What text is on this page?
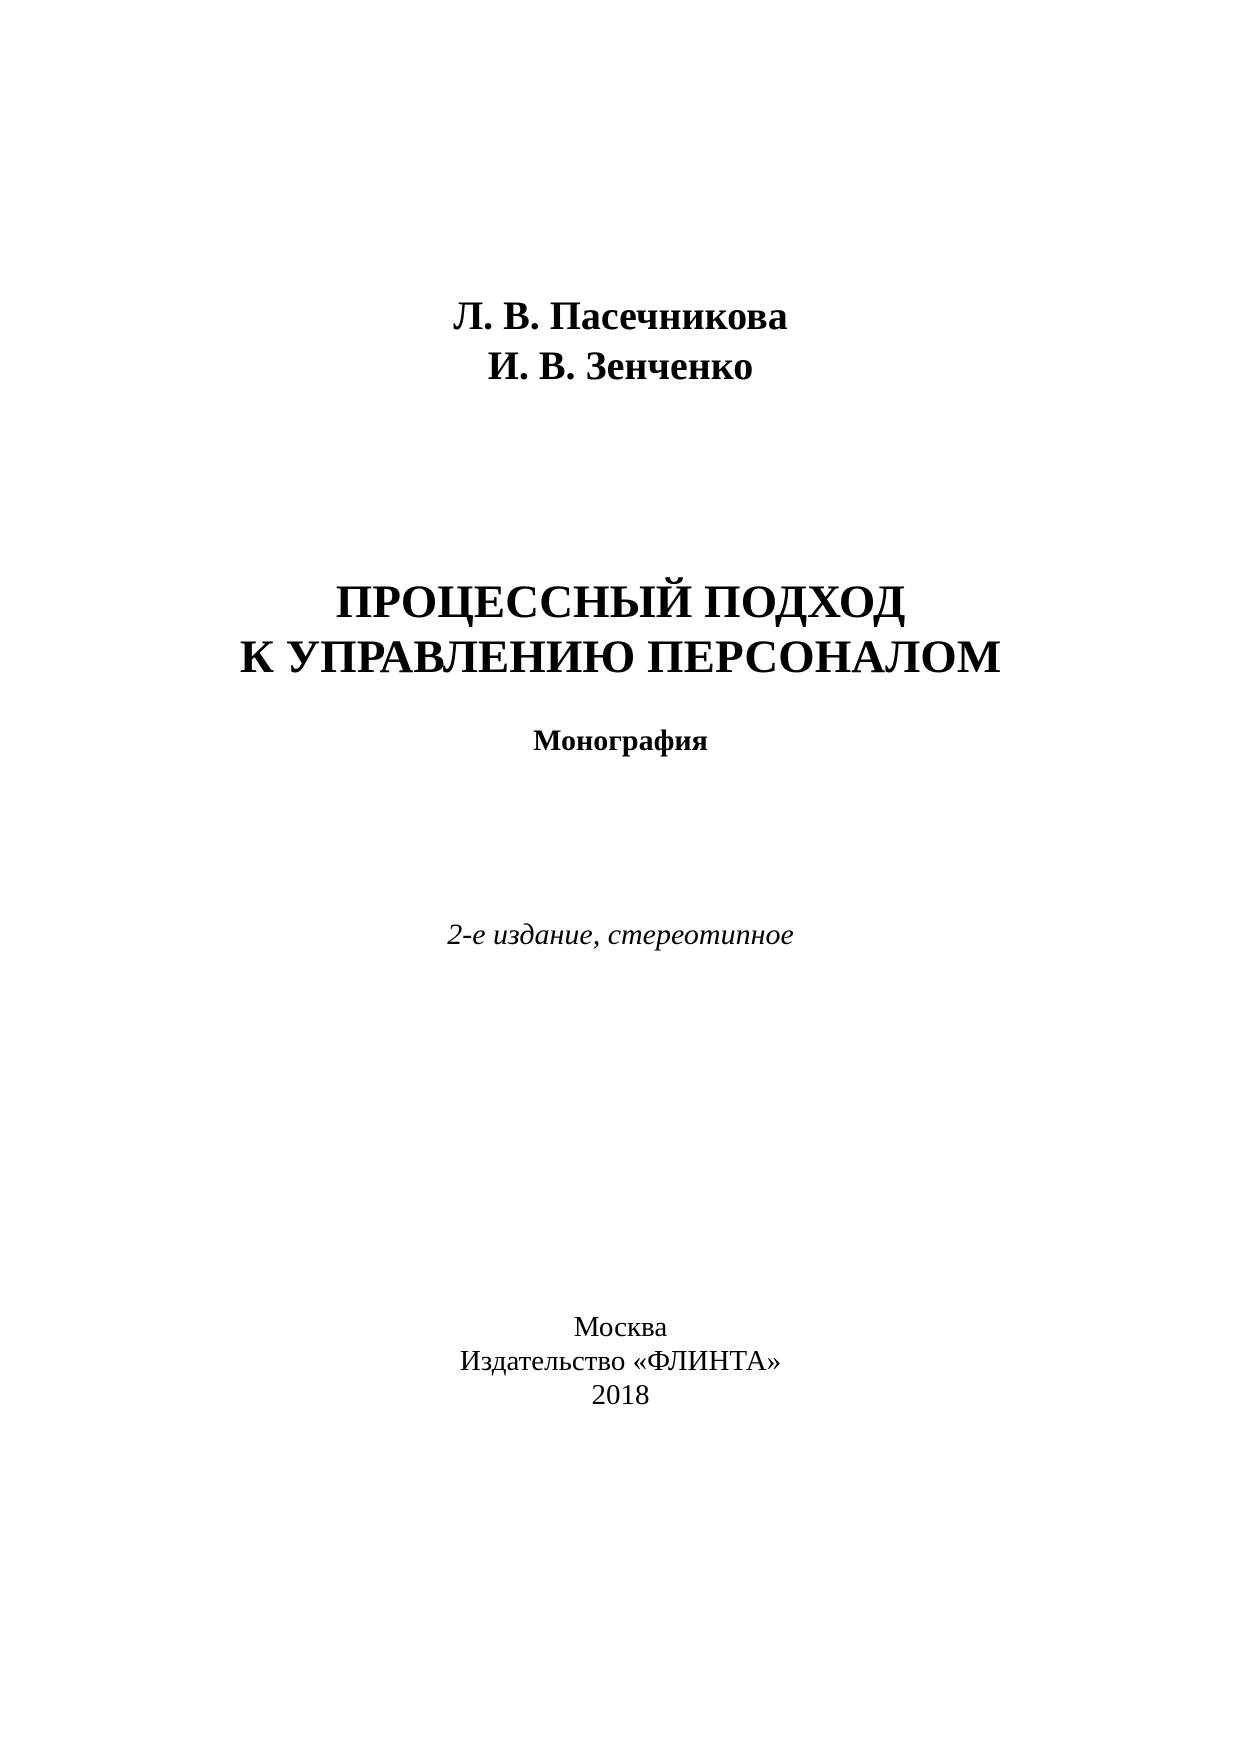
Л. В. Пасечникова

И. В. Зенченко

ПРОЦЕССНЫЙ ПОДХОД

К УПРАВЛЕНИЮ ПЕРСОНАЛОМ

Монография

2-е издание, стереотипное

Москва

Издательство «ФЛИНТА»

2018
